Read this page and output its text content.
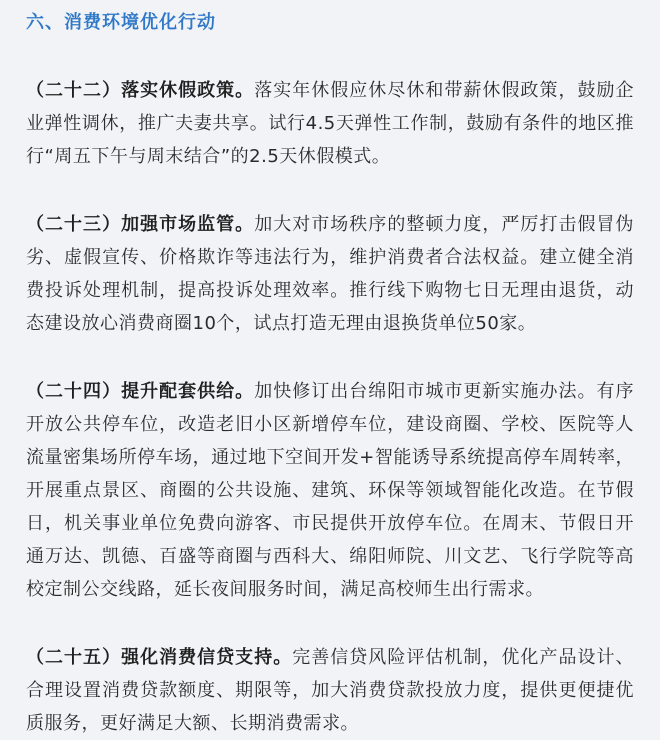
六、消费环境优化行动

（二十二）落实休假政策。落实年休假应休尽休和带薪休假政策，鼓励企业弹性调休，推广夫妻共享。试行4.5天弹性工作制，鼓励有条件的地区推行“周五下午与周末结合”的2.5天休假模式。

（二十三）加强市场监管。加大对市场秩序的整顿力度，严厉打击假冒伪劣、虚假宣传、价格欺诈等违法行为，维护消费者合法权益。建立健全消费投诉处理机制，提高投诉处理效率。推行线下购物七日无理由退货，动态建设放心消费商圈10个，试点打造无理由退换货单位50家。

（二十四）提升配套供给。加快修订出台绵阳市城市更新实施办法。有序开放公共停车位，改造老旧小区新增停车位，建设商圈、学校、医院等人流量密集场所停车场，通过地下空间开发+智能诱导系统提高停车周转率，开展重点景区、商圈的公共设施、建筑、环保等领域智能化改造。在节假日，机关事业单位免费向游客、市民提供开放停车位。在周末、节假日开通万达、凯德、百盛等商圈与西科大、绵阳师院、川文艺、飞行学院等高校定制公交线路，延长夜间服务时间，满足高校师生出行需求。

（二十五）强化消费信贷支持。完善信贷风险评估机制，优化产品设计、合理设置消费贷款额度、期限等，加大消费贷款投放力度，提供更便捷优质服务，更好满足大额、长期消费需求。
